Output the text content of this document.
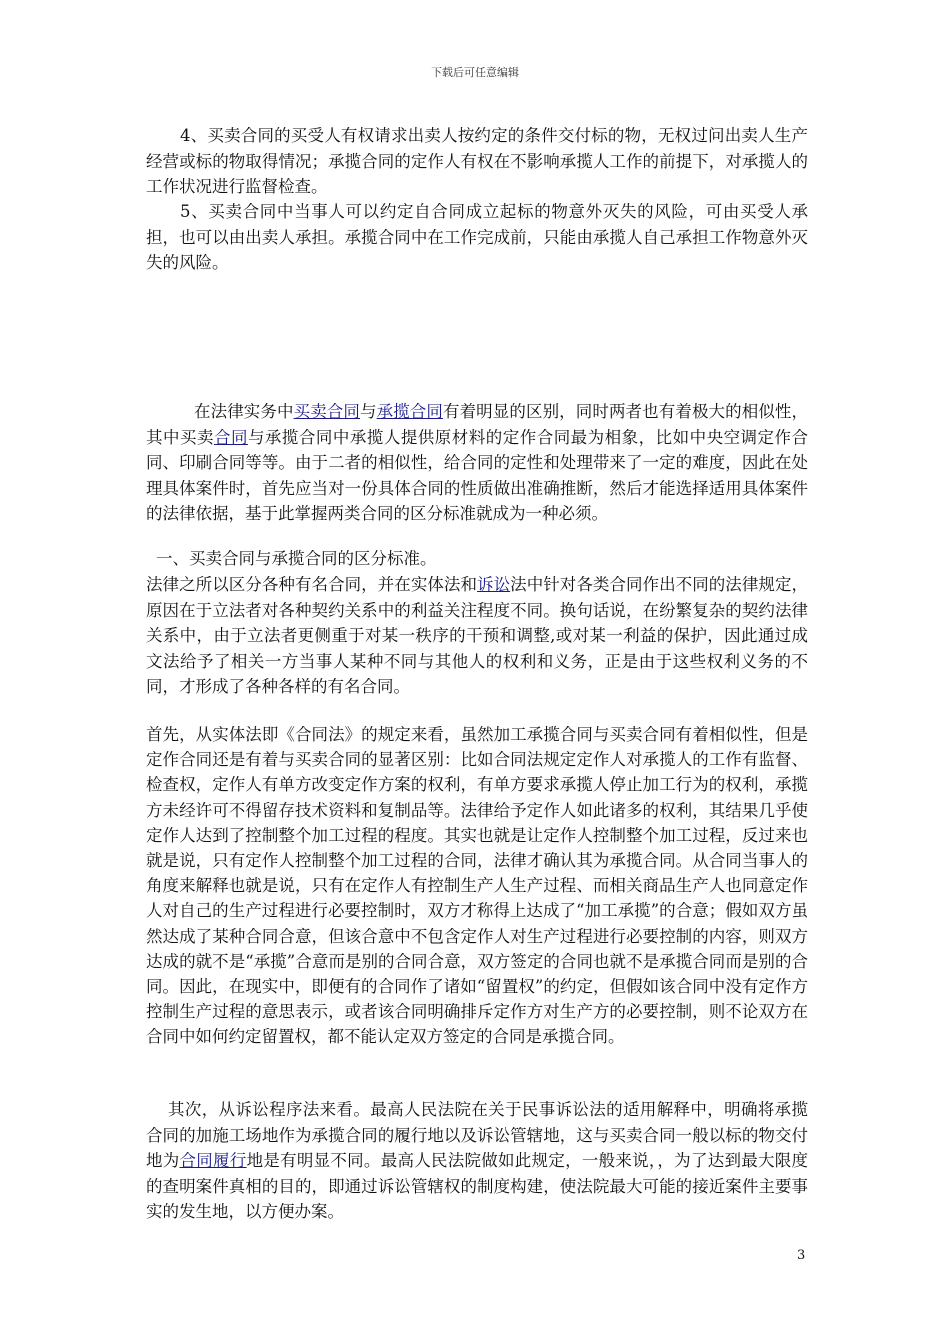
下载后可任意编辑

4、买卖合同的买受人有权请求出卖人按约定的条件交付标的物，无权过问出卖人生产经营或标的物取得情况；承揽合同的定作人有权在不影响承揽人工作的前提下，对承揽人的工作状况进行监督检查。

5、买卖合同中当事人可以约定自合同成立起标的物意外灭失的风险，可由买受人承担，也可以由出卖人承担。承揽合同中在工作完成前，只能由承揽人自己承担工作物意外灭失的风险。

在法律实务中买卖合同与承揽合同有着明显的区别，同时两者也有着极大的相似性，其中买卖合同与承揽合同中承揽人提供原材料的定作合同最为相象，比如中央空调定作合同、印刷合同等等。由于二者的相似性，给合同的定性和处理带来了一定的难度，因此在处理具体案件时，首先应当对一份具体合同的性质做出准确推断，然后才能选择适用具体案件的法律依据，基于此掌握两类合同的区分标准就成为一种必须。

一、买卖合同与承揽合同的区分标准。

法律之所以区分各种有名合同，并在实体法和诉讼法中针对各类合同作出不同的法律规定，原因在于立法者对各种契约关系中的利益关注程度不同。换句话说，在纷繁复杂的契约法律关系中，由于立法者更侧重于对某一秩序的干预和调整,或对某一利益的保护，因此通过成文法给予了相关一方当事人某种不同与其他人的权利和义务，正是由于这些权利义务的不同，才形成了各种各样的有名合同。

首先，从实体法即《合同法》的规定来看，虽然加工承揽合同与买卖合同有着相似性，但是定作合同还是有着与买卖合同的显著区别：比如合同法规定定作人对承揽人的工作有监督、检查权，定作人有单方改变定作方案的权利，有单方要求承揽人停止加工行为的权利，承揽方未经许可不得留存技术资料和复制品等。法律给予定作人如此诸多的权利，其结果几乎使定作人达到了控制整个加工过程的程度。其实也就是让定作人控制整个加工过程，反过来也就是说，只有定作人控制整个加工过程的合同，法律才确认其为承揽合同。从合同当事人的角度来解释也就是说，只有在定作人有控制生产人生产过程、而相关商品生产人也同意定作人对自己的生产过程进行必要控制时，双方才称得上达成了“加工承揽”的合意；假如双方虽然达成了某种合同合意，但该合意中不包含定作人对生产过程进行必要控制的内容，则双方达成的就不是“承揽”合意而是别的合同合意，双方签定的合同也就不是承揽合同而是别的合同。因此，在现实中，即便有的合同作了诸如“留置权”的约定，但假如该合同中没有定作方控制生产过程的意思表示，或者该合同明确排斥定作方对生产方的必要控制，则不论双方在合同中如何约定留置权，都不能认定双方签定的合同是承揽合同。

其次，从诉讼程序法来看。最高人民法院在关于民事诉讼法的适用解释中，明确将承揽合同的加施工场地作为承揽合同的履行地以及诉讼管辖地，这与买卖合同一般以标的物交付地为合同履行地是有明显不同。最高人民法院做如此规定，一般来说，，为了达到最大限度的查明案件真相的目的，即通过诉讼管辖权的制度构建，使法院最大可能的接近案件主要事实的发生地，以方便办案。

3
